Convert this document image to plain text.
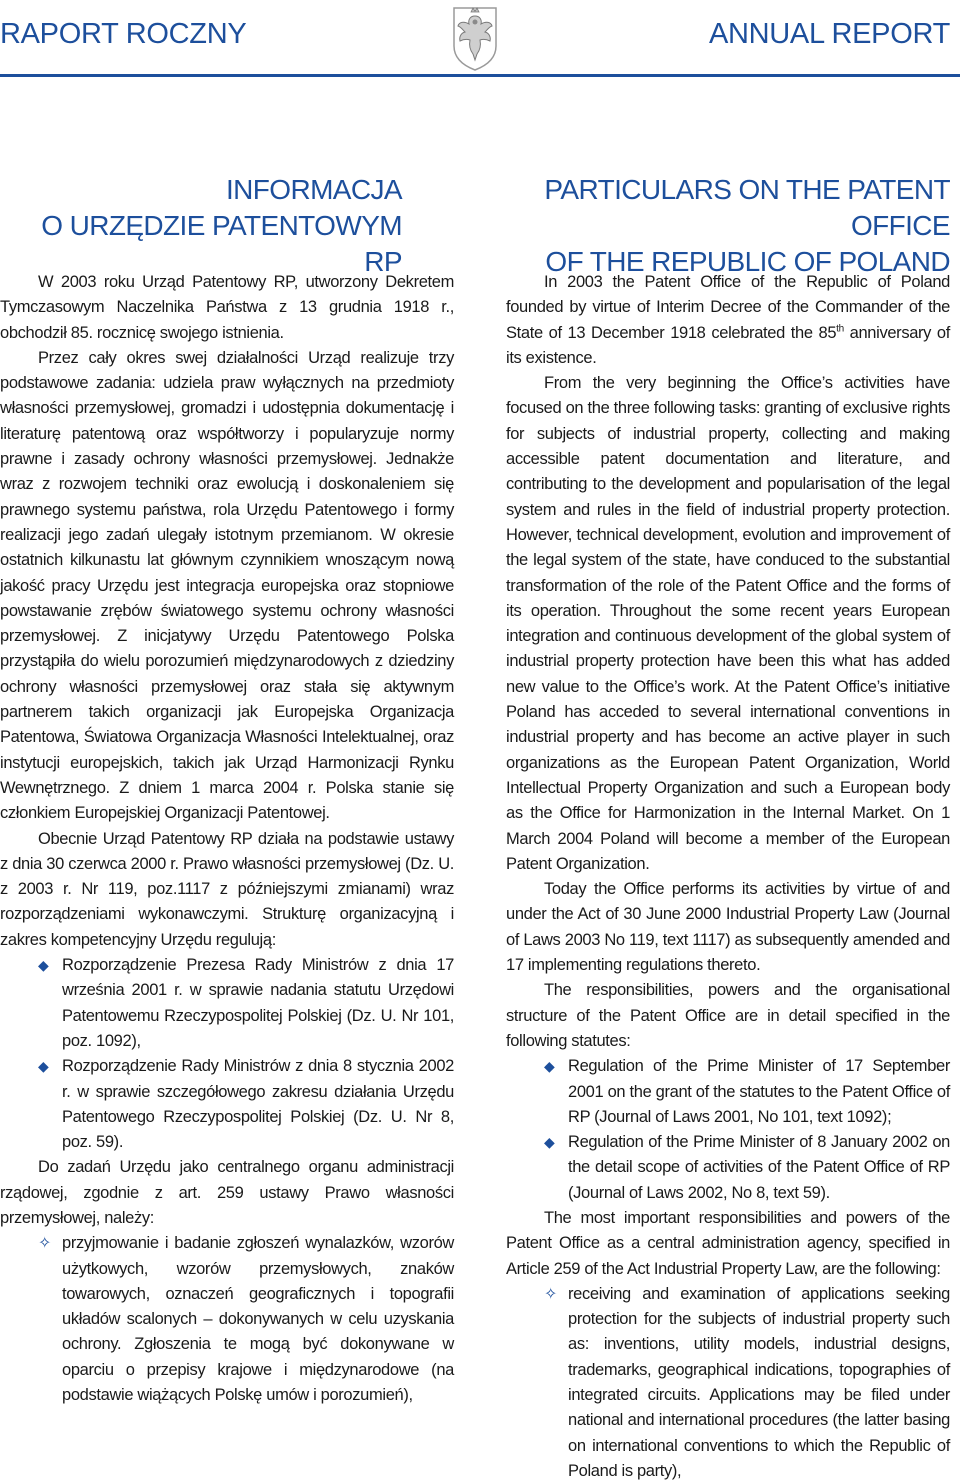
RAPORT ROCZNY	ANNUAL REPORT
INFORMACJA
O URZĘDZIE PATENTOWYM RP

W 2003 roku Urząd Patentowy RP, utworzony Dekretem Tymczasowym Naczelnika Państwa z 13 grudnia 1918 r., obchodził 85. rocznicę swojego istnienia.

Przez cały okres swej działalności Urząd realizuje trzy podstawowe zadania: udziela praw wyłącznych na przedmioty własności przemysłowej, gromadzi i udostępnia dokumentację i literaturę patentową oraz współtworzy i popularyzuje normy prawne i zasady ochrony własności przemysłowej. Jednakże wraz z rozwojem techniki oraz ewolucją i doskonaleniem się prawnego systemu państwa, rola Urzędu Patentowego i formy realizacji jego zadań ulegały istotnym przemianom. W okresie ostatnich kilkunastu lat głównym czynnikiem wnoszącym nową jakość pracy Urzędu jest integracja europejska oraz stopniowe powstawanie zrębów światowego systemu ochrony własności przemysłowej. Z inicjatywy Urzędu Patentowego Polska przystąpiła do wielu porozumień międzynarodowych z dziedziny ochrony własności przemysłowej oraz stała się aktywnym partnerem takich organizacji jak Europejska Organizacja Patentowa, Światowa Organizacja Własności Intelektualnej, oraz instytucji europejskich, takich jak Urząd Harmonizacji Rynku Wewnętrznego. Z dniem 1 marca 2004 r. Polska stanie się członkiem Europejskiej Organizacji Patentowej.

Obecnie Urząd Patentowy RP działa na podstawie ustawy z dnia 30 czerwca 2000 r. Prawo własności przemysłowej (Dz. U. z 2003 r. Nr 119, poz.1117 z późniejszymi zmianami) wraz rozporządzeniami wykonawczymi. Strukturę organizacyjną i zakres kompetencyjny Urzędu regulują:

◆ Rozporządzenie Prezesa Rady Ministrów z dnia 17 września 2001 r. w sprawie nadania statutu Urzędowi Patentowemu Rzeczypospolitej Polskiej (Dz. U. Nr 101, poz. 1092),
◆ Rozporządzenie Rady Ministrów z dnia 8 stycznia 2002 r. w sprawie szczegółowego zakresu działania Urzędu Patentowego Rzeczypospolitej Polskiej (Dz. U. Nr 8, poz. 59).

Do zadań Urzędu jako centralnego organu administracji rządowej, zgodnie z art. 259 ustawy Prawo własności przemysłowej, należy:

✧ przyjmowanie i badanie zgłoszeń wynalazków, wzorów użytkowych, wzorów przemysłowych, znaków towarowych, oznaczeń geograficznych i topografii układów scalonych – dokonywanych w celu uzyskania ochrony. Zgłoszenia te mogą być dokonywane w oparciu o przepisy krajowe i międzynarodowe (na podstawie wiążących Polskę umów i porozumień),
PARTICULARS ON THE PATENT OFFICE
OF THE REPUBLIC OF POLAND

In 2003 the Patent Office of the Republic of Poland founded by virtue of Interim Decree of the Commander of the State of 13 December 1918 celebrated the 85th anniversary of its existence.

From the very beginning the Office’s activities have focused on the three following tasks: granting of exclusive rights for subjects of industrial property, collecting and making accessible patent documentation and literature, and contributing to the development and popularisation of the legal system and rules in the field of industrial property protection. However, technical development, evolution and improvement of the legal system of the state, have conduced to the substantial transformation of the role of the Patent Office and the forms of its operation. Throughout the some recent years European integration and continuous development of the global system of industrial property protection have been this what has added new value to the Office’s work. At the Patent Office’s initiative Poland has acceded to several international conventions in industrial property and has become an active player in such organizations as the European Patent Organization, World Intellectual Property Organization and such a European body as the Office for Harmonization in the Internal Market. On 1 March 2004 Poland will become a member of the European Patent Organization.

Today the Office performs its activities by virtue of and under the Act of 30 June 2000 Industrial Property Law (Journal of Laws 2003 No 119, text 1117) as subsequently amended and 17 implementing regulations thereto.

The responsibilities, powers and the organisational structure of the Patent Office are in detail specified in the following statutes:

◆ Regulation of the Prime Minister of 17 September 2001 on the grant of the statutes to the Patent Office of RP (Journal of Laws 2001, No 101, text 1092);
◆ Regulation of the Prime Minister of 8 January 2002 on the detail scope of activities of the Patent Office of RP (Journal of Laws 2002, No 8, text 59).

The most important responsibilities and powers of the Patent Office as a central administration agency, specified in Article 259 of the Act Industrial Property Law, are the following:

✧ receiving and examination of applications seeking protection for the subjects of industrial property such as: inventions, utility models, industrial designs, trademarks, geographical indications, topographies of integrated circuits. Applications may be filed under national and international procedures (the latter basing on international conventions to which the Republic of Poland is party),
